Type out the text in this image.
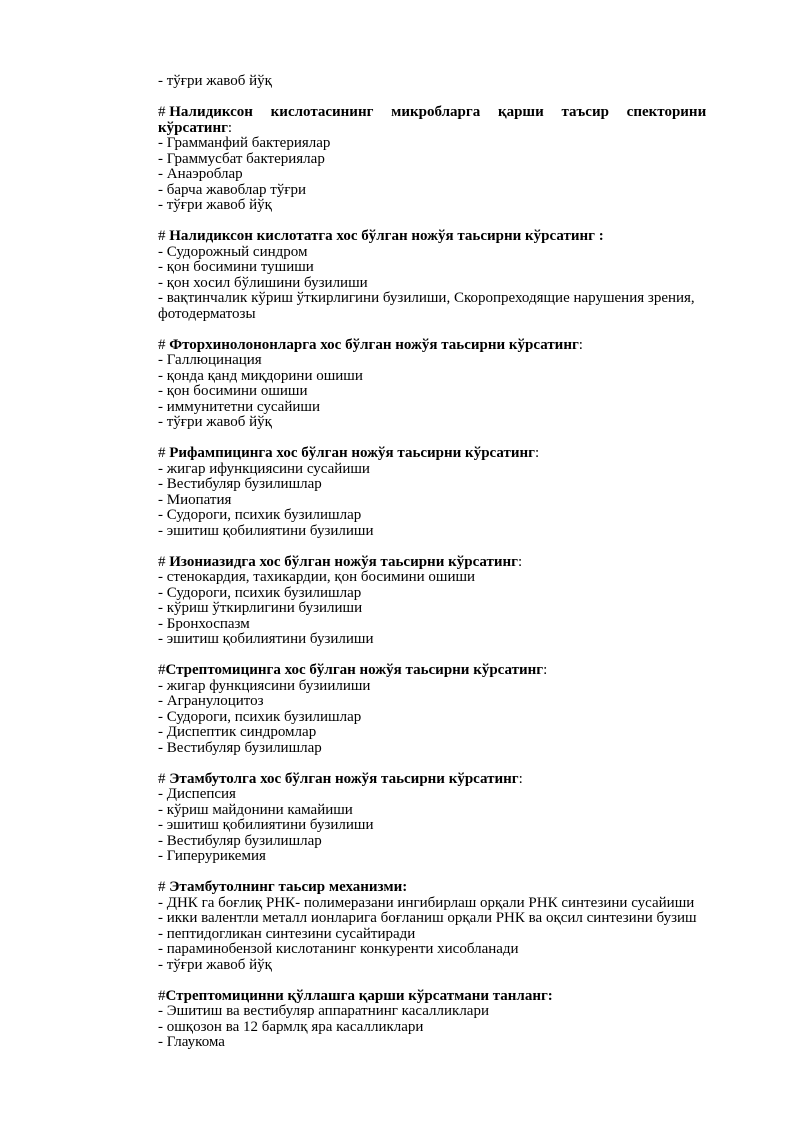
- тўғри жавоб йўқ
# Налидиксон кислотасининг микробларга қарши таъсир спекторини
кўрсатинг:
- Грамманфий бактериялар
- Граммусбат бактериялар
- Анаэроблар
- барча жавоблар тўғри
- тўғри жавоб йўқ
# Налидиксон кислотатга хос бўлган ножўя таьсирни кўрсатинг :
- Судорожный синдром
- қон босимини тушиши
- қон хосил бўлишини бузилиши
- вақтинчалик кўриш ўткирлигини бузилиши, Скоропреходящие нарушения зрения, фотодерматозы
# Фторхинолононларга хос бўлган ножўя таьсирни кўрсатинг:
- Галлюцинация
- қонда қанд миқдорини ошиши
- қон босимини ошиши
- иммунитетни сусайиши
- тўғри жавоб йўқ
# Рифампицинга хос бўлган ножўя таьсирни кўрсатинг:
- жигар ифункциясини сусайиши
- Вестибуляр бузилишлар
- Миопатия
- Судороги, психик бузилишлар
- эшитиш қобилиятини бузилиши
# Изониазидга хос бўлган ножўя таьсирни кўрсатинг:
- стенокардия, тахикардии, қон босимини ошиши
- Судороги, психик бузилишлар
- кўриш ўткирлигини бузилиши
- Бронхоспазм
- эшитиш қобилиятини бузилиши
#Стрептомицинга хос бўлган ножўя таьсирни кўрсатинг:
- жигар функциясини бузиилиши
- Агранулоцитоз
- Судороги, психик бузилишлар
- Диспептик синдромлар
- Вестибуляр бузилишлар
# Этамбутолга хос бўлган ножўя таьсирни кўрсатинг:
- Диспепсия
- кўриш майдонини камайиши
- эшитиш қобилиятини бузилиши
- Вестибуляр бузилишлар
- Гиперурикемия
# Этамбутолнинг таьсир механизми:
- ДНК га боғлиқ РНК- полимеразани ингибирлаш орқали РНК синтезини сусайиши
- икки валентли металл ионларига боғланиш орқали РНК ва оқсил синтезини бузиш
- пептидогликан синтезини сусайтиради
- параминобензой кислотанинг конкуренти хисобланади
- тўғри жавоб йўқ
#Стрептомицинни қўллашга қарши кўрсатмани танланг:
- Эшитиш ва вестибуляр аппаратнинг касалликлари
- ошқозон ва 12 бармлқ яра касалликлари
- Глаукома
